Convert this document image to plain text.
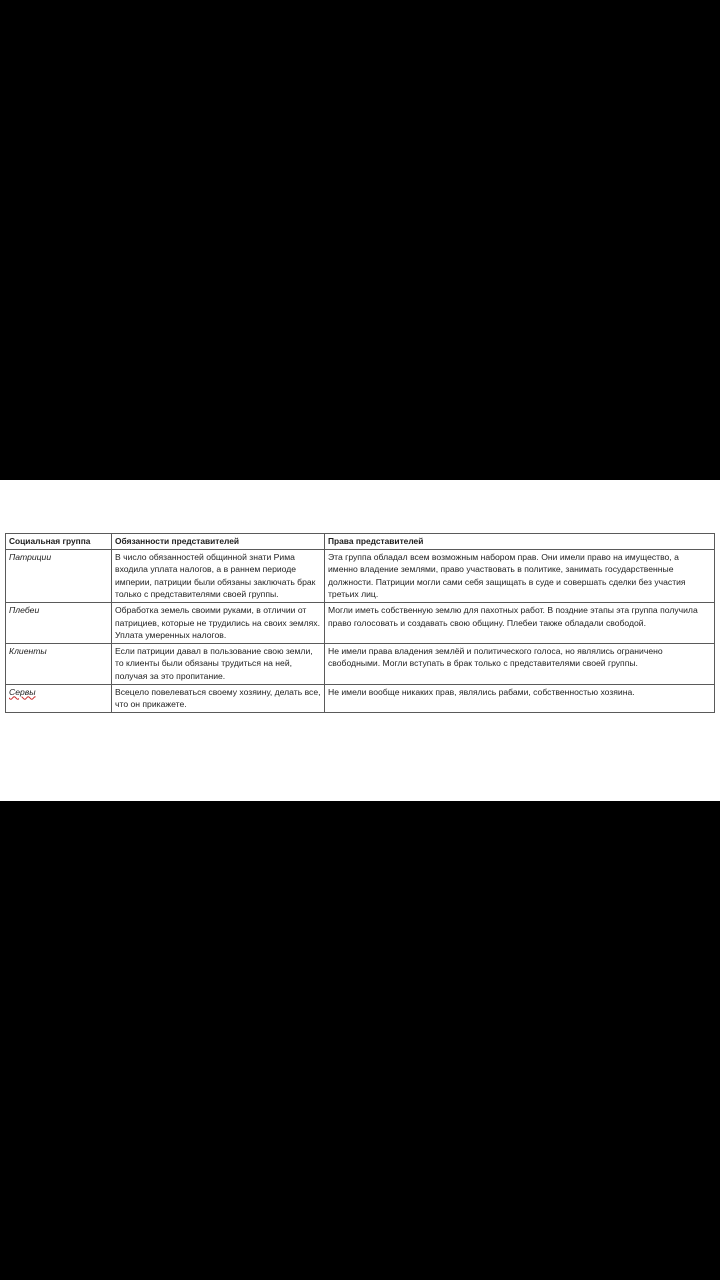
Социальная группа	Обязанности представителей	Права представителей
Патриции	В число обязанностей общинной знати Рима входила уплата налогов, а в раннем периоде империи, патриции были обязаны заключать брак только с представителями своей группы.	Эта группа обладал всем возможным набором прав. Они имели право на имущество, а именно владение землями, право участвовать в политике, занимать государственные должности. Патриции могли сами себя защищать в суде и совершать сделки без участия третьих лиц.
Плебеи	Обработка земель своими руками, в отличии от патрициев, которые не трудились на своих землях. Уплата умеренных налогов.	Могли иметь собственную землю для пахотных работ. В поздние этапы эта группа получила право голосовать и создавать свою общину. Плебеи также обладали свободой.
Клиенты	Если патриции давал в пользование свою земли, то клиенты были обязаны трудиться на ней, получая за это пропитание.	Не имели права владения землёй и политического голоса, но являлись ограничено свободными. Могли вступать в брак только с представителями своей группы.
Сервы	Всецело повелеваться своему хозяину, делать все, что он прикажете.	Не имели вообще никаких прав, являлись рабами, собственностью хозяина.
